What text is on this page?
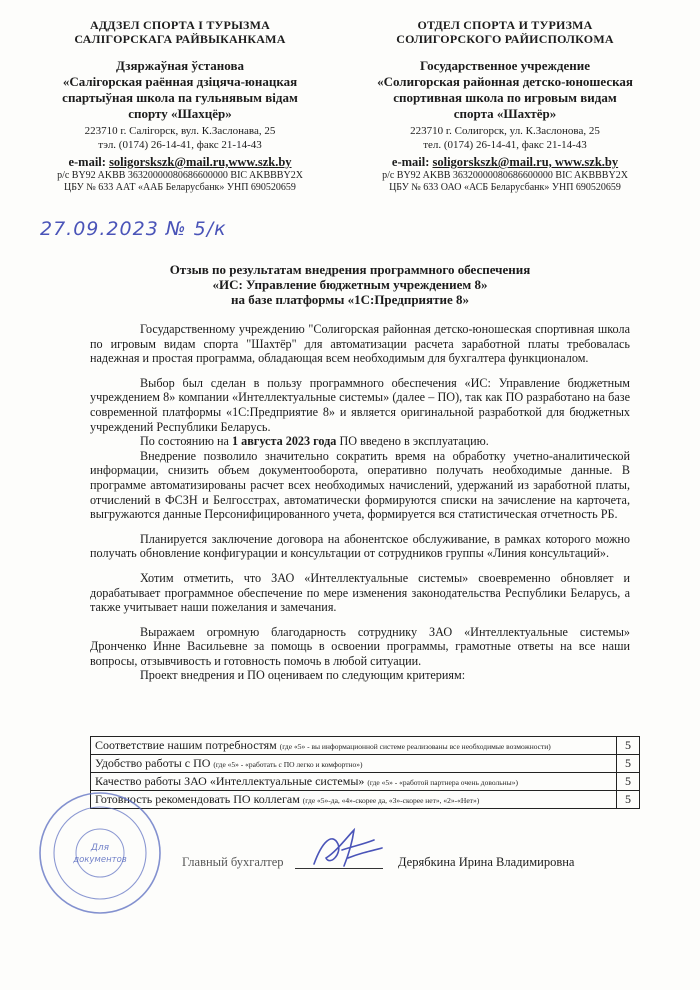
АДДЗЕЛ СПОРТА І ТУРЫЗМА
САЛІГОРСКАГА РАЙВЫКАНКАМА
Дзяржаўная ўстанова
«Салігорская раённая дзіцяча-юнацкая
спартыўная школа па гульнявым відам
спорту «Шахцёр»
223710 г. Салігорск, вул. К.Заслонава, 25
тэл. (0174) 26-14-41, факс 21-14-43
e-mail: soligorskszk@mail.ru,www.szk.by
р/с BY92 AKBB 36320000080686600000 BIC AKBBBY2X
ЦБУ № 633 ААТ «ААБ Беларусбанк» УНП 690520659
ОТДЕЛ СПОРТА И ТУРИЗМА
СОЛИГОРСКОГО РАЙИСПОЛКОМА
Государственное учреждение
«Солигорская районная детско-юношеская
спортивная школа по игровым видам
спорта «Шахтёр»
223710 г. Солигорск, ул. К.Заслонова, 25
тел. (0174) 26-14-41, факс 21-14-43
e-mail: soligorskszk@mail.ru, www.szk.by
р/с BY92 AKBB 36320000080686600000 BIC AKBBBY2X
ЦБУ № 633 ОАО «АСБ Беларусбанк» УНП 690520659
27.09.2023 № 5/к
Отзыв по результатам внедрения программного обеспечения
«ИС: Управление бюджетным учреждением 8»
на базе платформы «1С:Предприятие 8»

Государственному учреждению "Солигорская районная детско-юношеская спортивная школа по игровым видам спорта "Шахтёр" для автоматизации расчета заработной платы требовалась надежная и простая программа, обладающая всем необходимым для бухгалтера функционалом.

Выбор был сделан в пользу программного обеспечения «ИС: Управление бюджетным учреждением 8» компании «Интеллектуальные системы» (далее – ПО), так как ПО разработано на базе современной платформы «1С:Предприятие 8» и является оригинальной разработкой для бюджетных учреждений Республики Беларусь.

По состоянию на 1 августа 2023 года ПО введено в эксплуатацию.

Внедрение позволило значительно сократить время на обработку учетно-аналитической информации, снизить объем документооборота, оперативно получать необходимые данные. В программе автоматизированы расчет всех необходимых начислений, удержаний из заработной платы, отчислений в ФСЗН и Белгосстрах, автоматически формируются списки на зачисление на карточета, выгружаются данные Персонифицированного учета, формируется вся статистическая отчетность РБ.

Планируется заключение договора на абонентское обслуживание, в рамках которого можно получать обновление конфигурации и консультации от сотрудников группы «Линия консультаций».

Хотим отметить, что ЗАО «Интеллектуальные системы» своевременно обновляет и дорабатывает программное обеспечение по мере изменения законодательства Республики Беларусь, а также учитывает наши пожелания и замечания.

Выражаем огромную благодарность сотруднику ЗАО «Интеллектуальные системы» Дронченко Инне Васильевне за помощь в освоении программы, грамотные ответы на все наши вопросы, отзывчивость и готовность помочь в любой ситуации.

Проект внедрения и ПО оцениваем по следующим критериям:

Соответствие нашим потребностям (где «5» - вы информационной системе реализованы все необходимые возможности)	5
Удобство работы с ПО (где «5» - «работать с ПО легко и комфортно»)	5
Качество работы ЗАО «Интеллектуальные системы» (где «5» - «работой партнера очень довольны»)	5
Готовность рекомендовать ПО коллегам (где «5»-да, «4»-скорее да, «3»-скорее нет», «2»-«Нет»)	5
Для
документов	Главный бухгалтер	Дерябкина Ирина Владимировна
